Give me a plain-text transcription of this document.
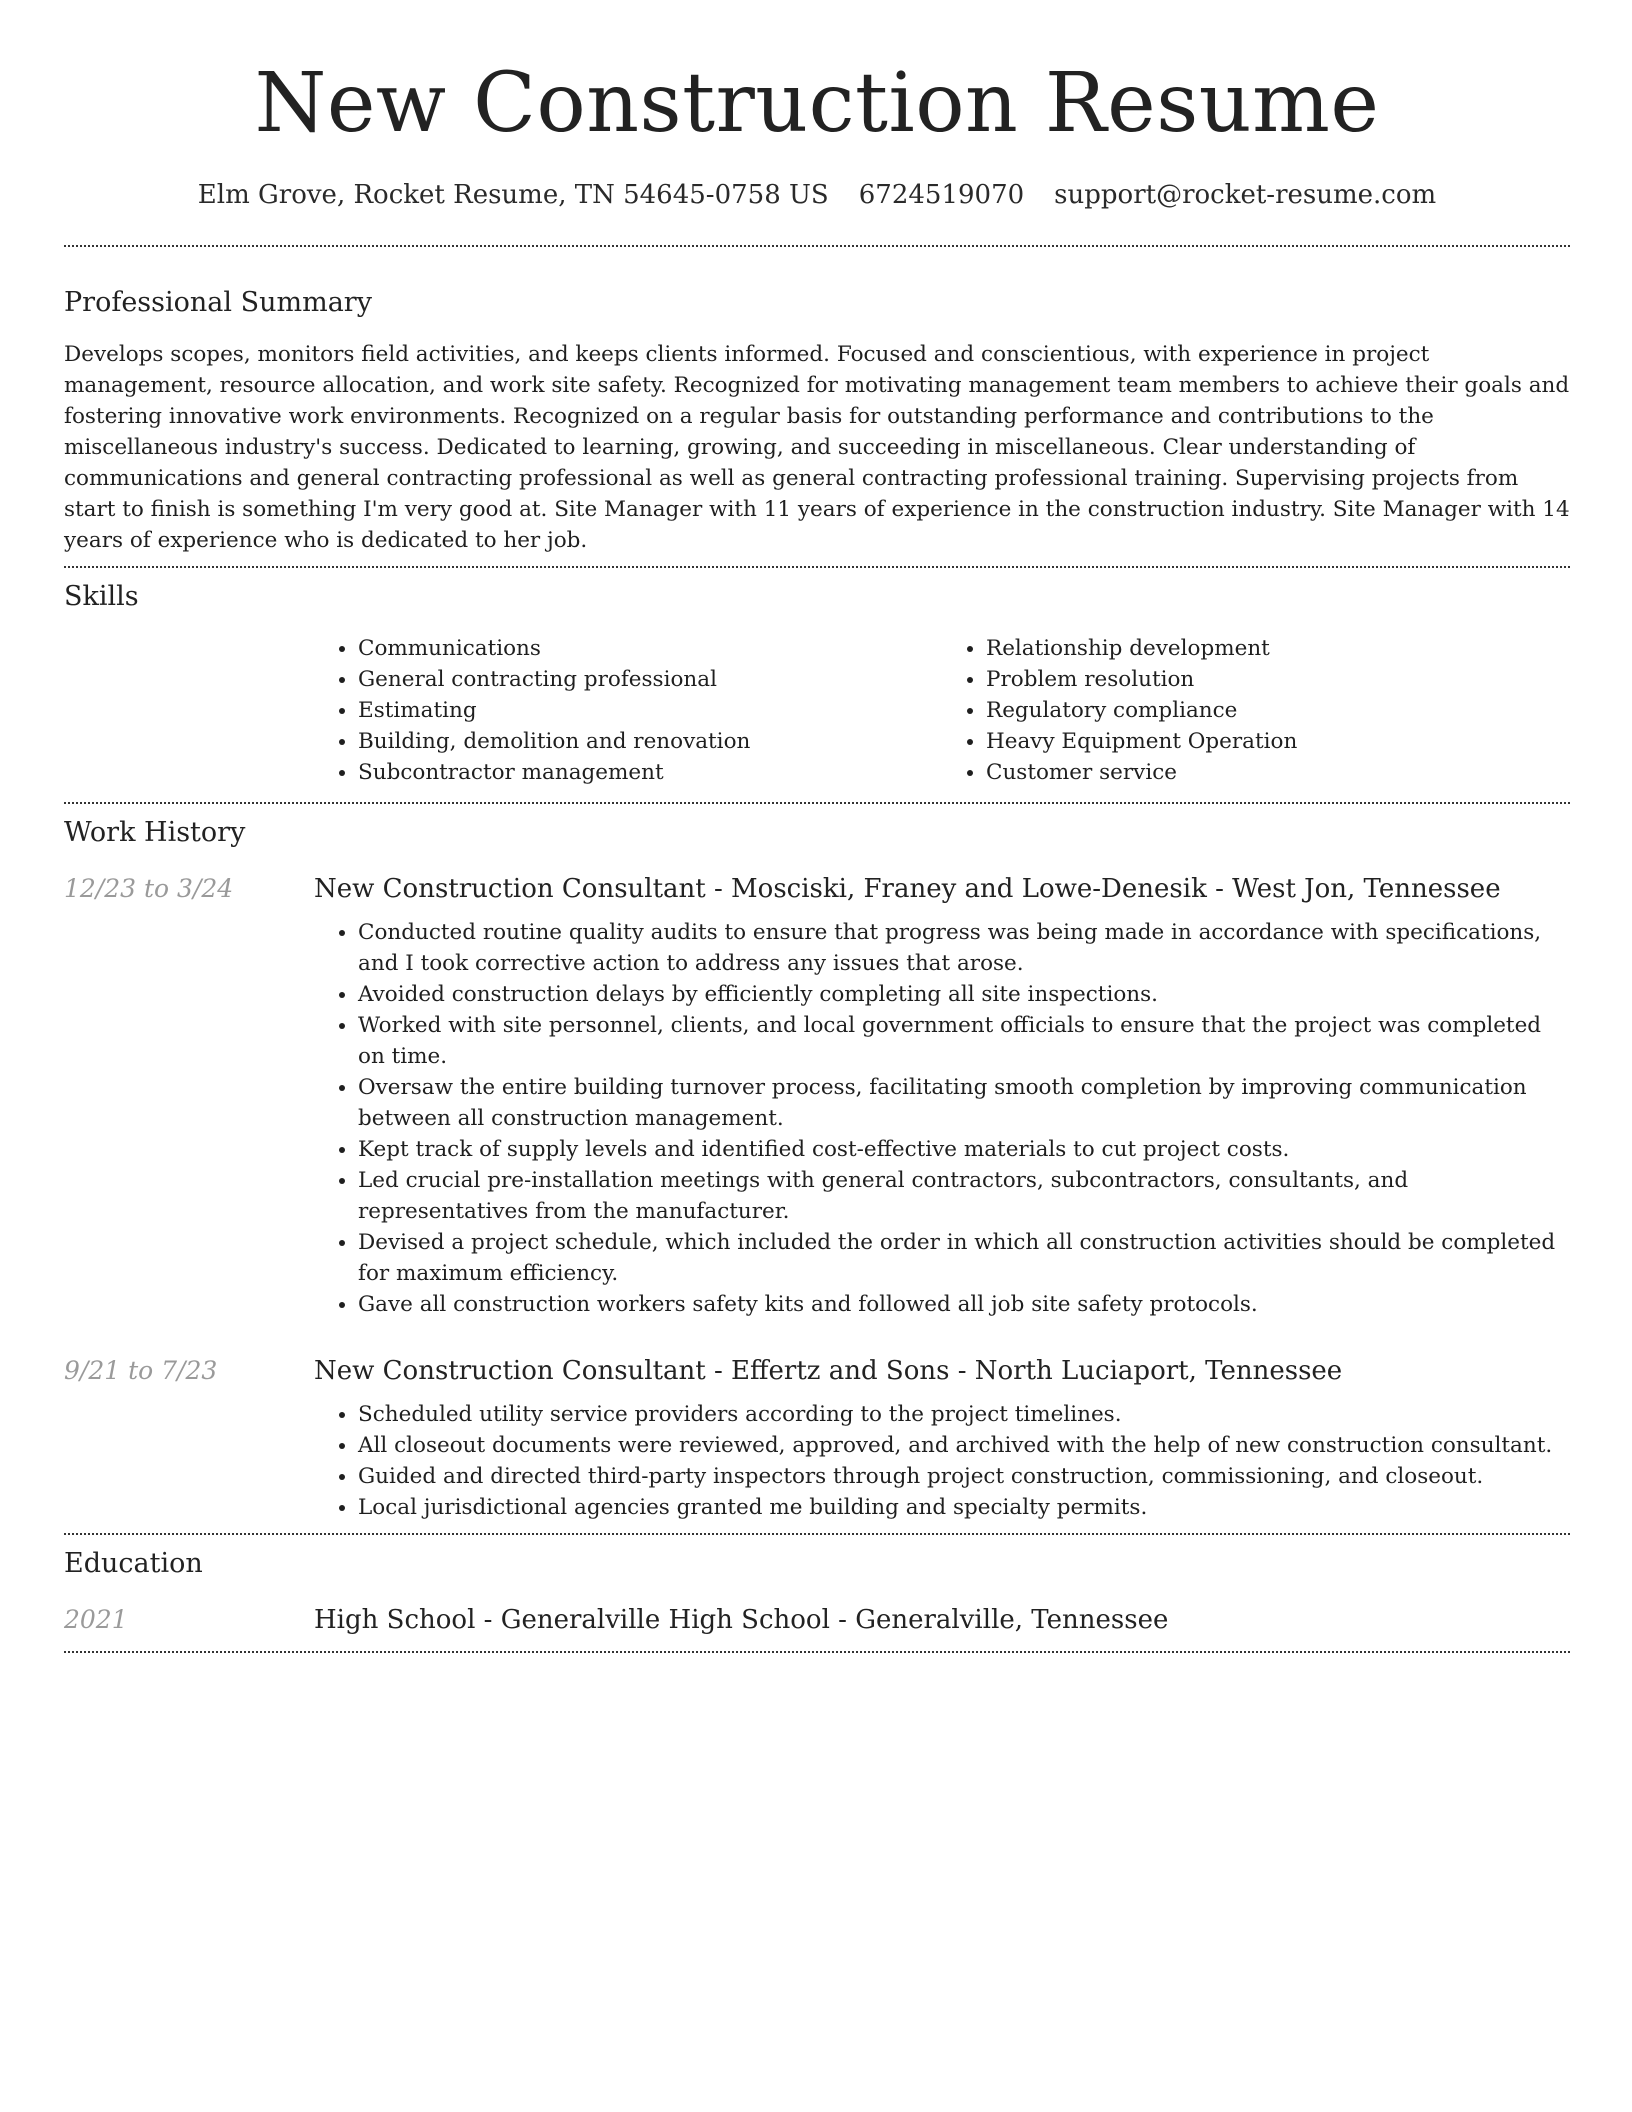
New Construction Resume
Elm Grove, Rocket Resume, TN 54645-0758 US 6724519070 support@rocket-resume.com
Professional Summary

Develops scopes, monitors field activities, and keeps clients informed. Focused and conscientious, with experience in project management, resource allocation, and work site safety. Recognized for motivating management team members to achieve their goals and fostering innovative work environments. Recognized on a regular basis for outstanding performance and contributions to the miscellaneous industry's success. Dedicated to learning, growing, and succeeding in miscellaneous. Clear understanding of communications and general contracting professional as well as general contracting professional training. Supervising projects from start to finish is something I'm very good at. Site Manager with 11 years of experience in the construction industry. Site Manager with 14 years of experience who is dedicated to her job.

Skills
• Communications
• General contracting professional
• Estimating
• Building, demolition and renovation
• Subcontractor management
• Relationship development
• Problem resolution
• Regulatory compliance
• Heavy Equipment Operation
• Customer service
Work History
12/23 to 3/24	New Construction Consultant - Mosciski, Franey and Lowe-Denesik - West Jon, Tennessee
• Conducted routine quality audits to ensure that progress was being made in accordance with specifications, and I took corrective action to address any issues that arose.
• Avoided construction delays by efficiently completing all site inspections.
• Worked with site personnel, clients, and local government officials to ensure that the project was completed on time.
• Oversaw the entire building turnover process, facilitating smooth completion by improving communication between all construction management.
• Kept track of supply levels and identified cost-effective materials to cut project costs.
• Led crucial pre-installation meetings with general contractors, subcontractors, consultants, and representatives from the manufacturer.
• Devised a project schedule, which included the order in which all construction activities should be completed for maximum efficiency.
• Gave all construction workers safety kits and followed all job site safety protocols.
9/21 to 7/23	New Construction Consultant - Effertz and Sons - North Luciaport, Tennessee
• Scheduled utility service providers according to the project timelines.
• All closeout documents were reviewed, approved, and archived with the help of new construction consultant.
• Guided and directed third-party inspectors through project construction, commissioning, and closeout.
• Local jurisdictional agencies granted me building and specialty permits.
Education
2021	High School - Generalville High School - Generalville, Tennessee
